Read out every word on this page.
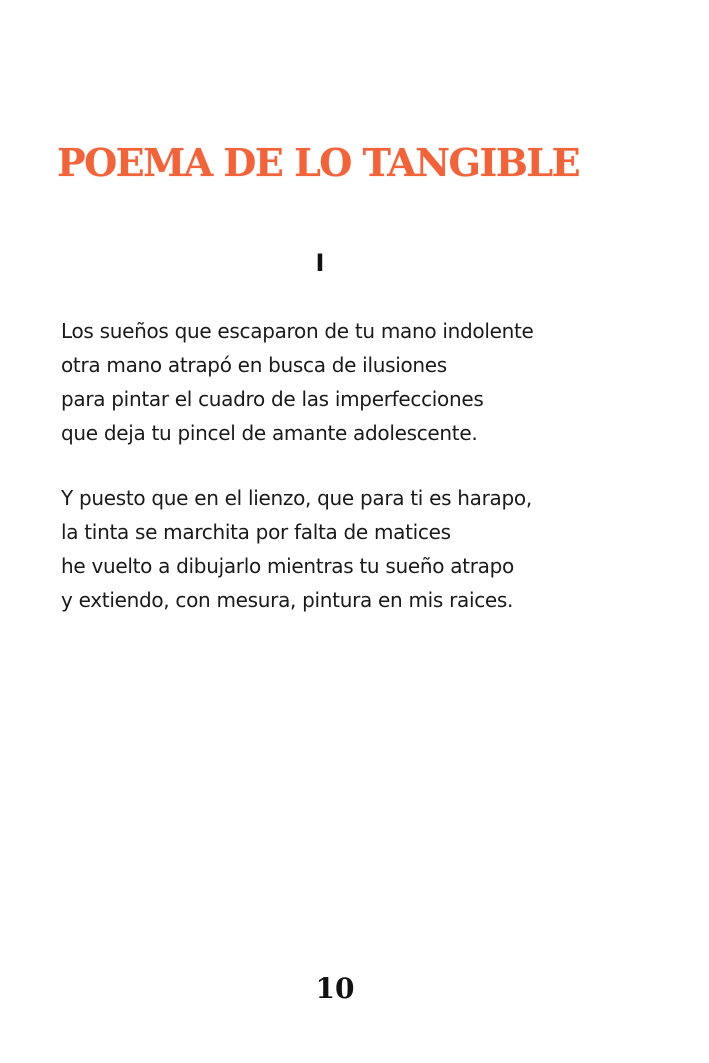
POEMA DE LO TANGIBLE
I

Los sueños que escaparon de tu mano indolente
otra mano atrapó en busca de ilusiones
para pintar el cuadro de las imperfecciones
que deja tu pincel de amante adolescente.

Y puesto que en el lienzo, que para ti es harapo,
la tinta se marchita por falta de matices
he vuelto a dibujarlo mientras tu sueño atrapo
y extiendo, con mesura, pintura en mis raices.

10
